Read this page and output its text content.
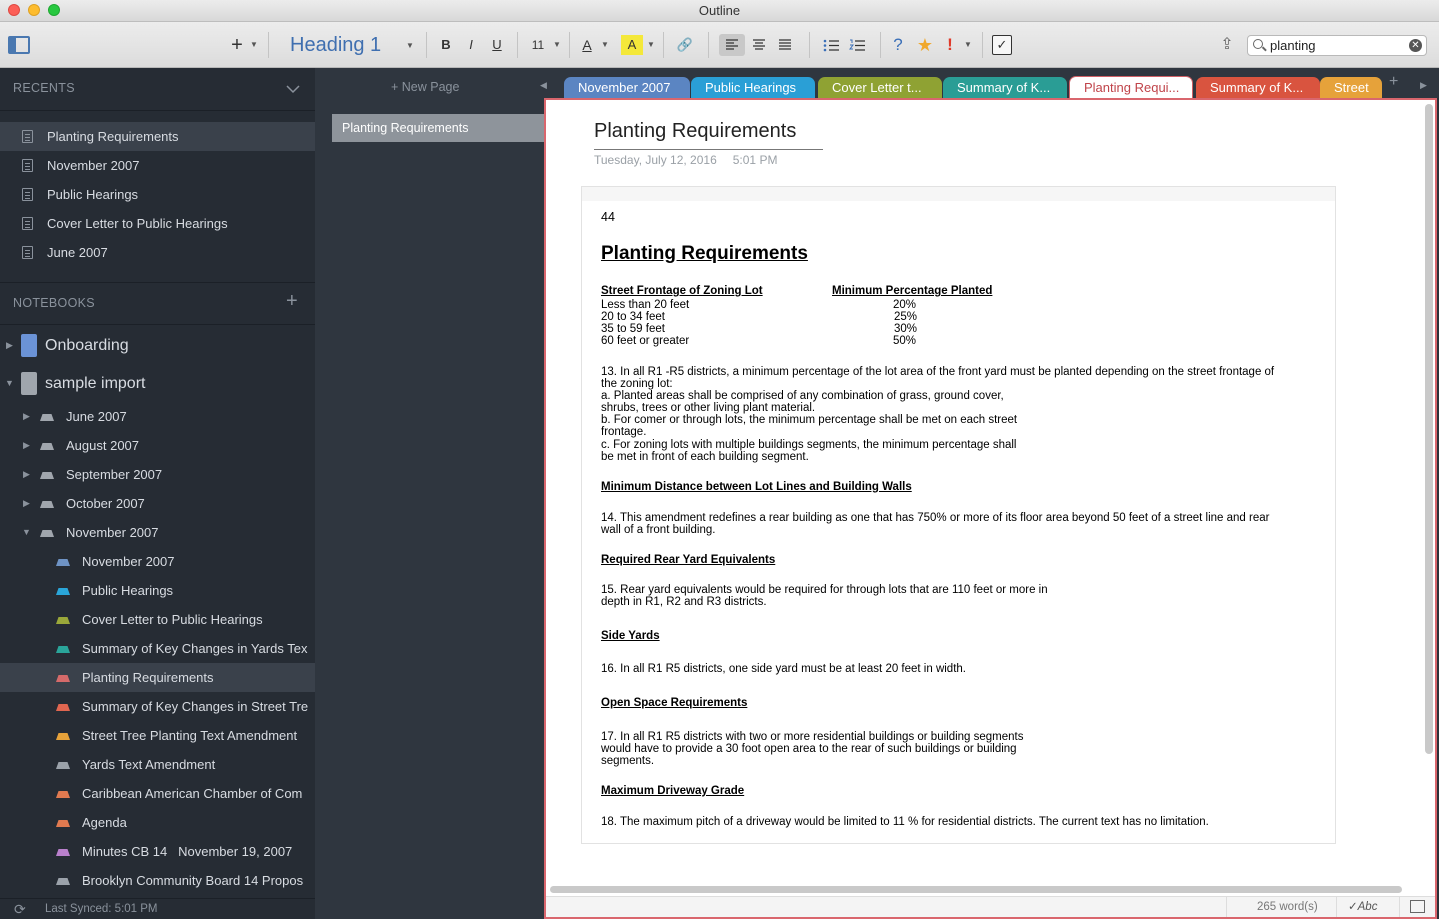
Outline
+ ▼ Heading 1	▼	B	I	U	11	▼	A	▼	A	▼	🔗	? ★ !	▼	✓	⇪	planting	✕
RECENTS
Planting Requirements
November 2007
Public Hearings
Cover Letter to Public Hearings
June 2007
NOTEBOOKS	+
▶ Onboarding
▼ sample import
▶	June 2007
▶	August 2007
▶	September 2007
▶	October 2007
▼	November 2007
November 2007
Public Hearings
Cover Letter to Public Hearings
Summary of Key Changes in Yards Tex
Planting Requirements
Summary of Key Changes in Street Tre
Street Tree Planting Text Amendment
Yards Text Amendment
Caribbean American Chamber of Com
Agenda
Minutes CB 14   November 19, 2007
Brooklyn Community Board 14 Propos
⟳ Last Synced: 5:01 PM
+ New Page
Planting Requirements
◀	November 2007	Public Hearings	Cover Letter t...	Summary of K...	Planting Requi...	Summary of K...	Street	+ ▶
Planting Requirements
Tuesday, July 12, 2016 5:01 PM
44
Planting Requirements
Street Frontage of Zoning Lot	Minimum Percentage Planted
Less than 20 feet	20%
20 to 34 feet	25%
35 to 59 feet	30%
60 feet or greater	50%
13. In all R1 -R5 districts, a minimum percentage of the lot area of the front yard must be planted depending on the street frontage of
the zoning lot:
a. Planted areas shall be comprised of any combination of grass, ground cover,
shrubs, trees or other living plant material.
b. For comer or through lots, the minimum percentage shall be met on each street
frontage.
c. For zoning lots with multiple buildings segments, the minimum percentage shall
be met in front of each building segment.
Minimum Distance between Lot Lines and Building Walls
14. This amendment redefines a rear building as one that has 750% or more of its floor area beyond 50 feet of a street line and rear
wall of a front building.
Required Rear Yard Equivalents
15. Rear yard equivalents would be required for through lots that are 110 feet or more in
depth in R1, R2 and R3 districts.
Side Yards
16. In all R1 R5 districts, one side yard must be at least 20 feet in width.
Open Space Requirements
17. In all R1 R5 districts with two or more residential buildings or building segments
would have to provide a 30 foot open area to the rear of such buildings or building
segments.
Maximum Driveway Grade
18. The maximum pitch of a driveway would be limited to 11 % for residential districts. The current text has no limitation.
265 word(s)	✓Abc
